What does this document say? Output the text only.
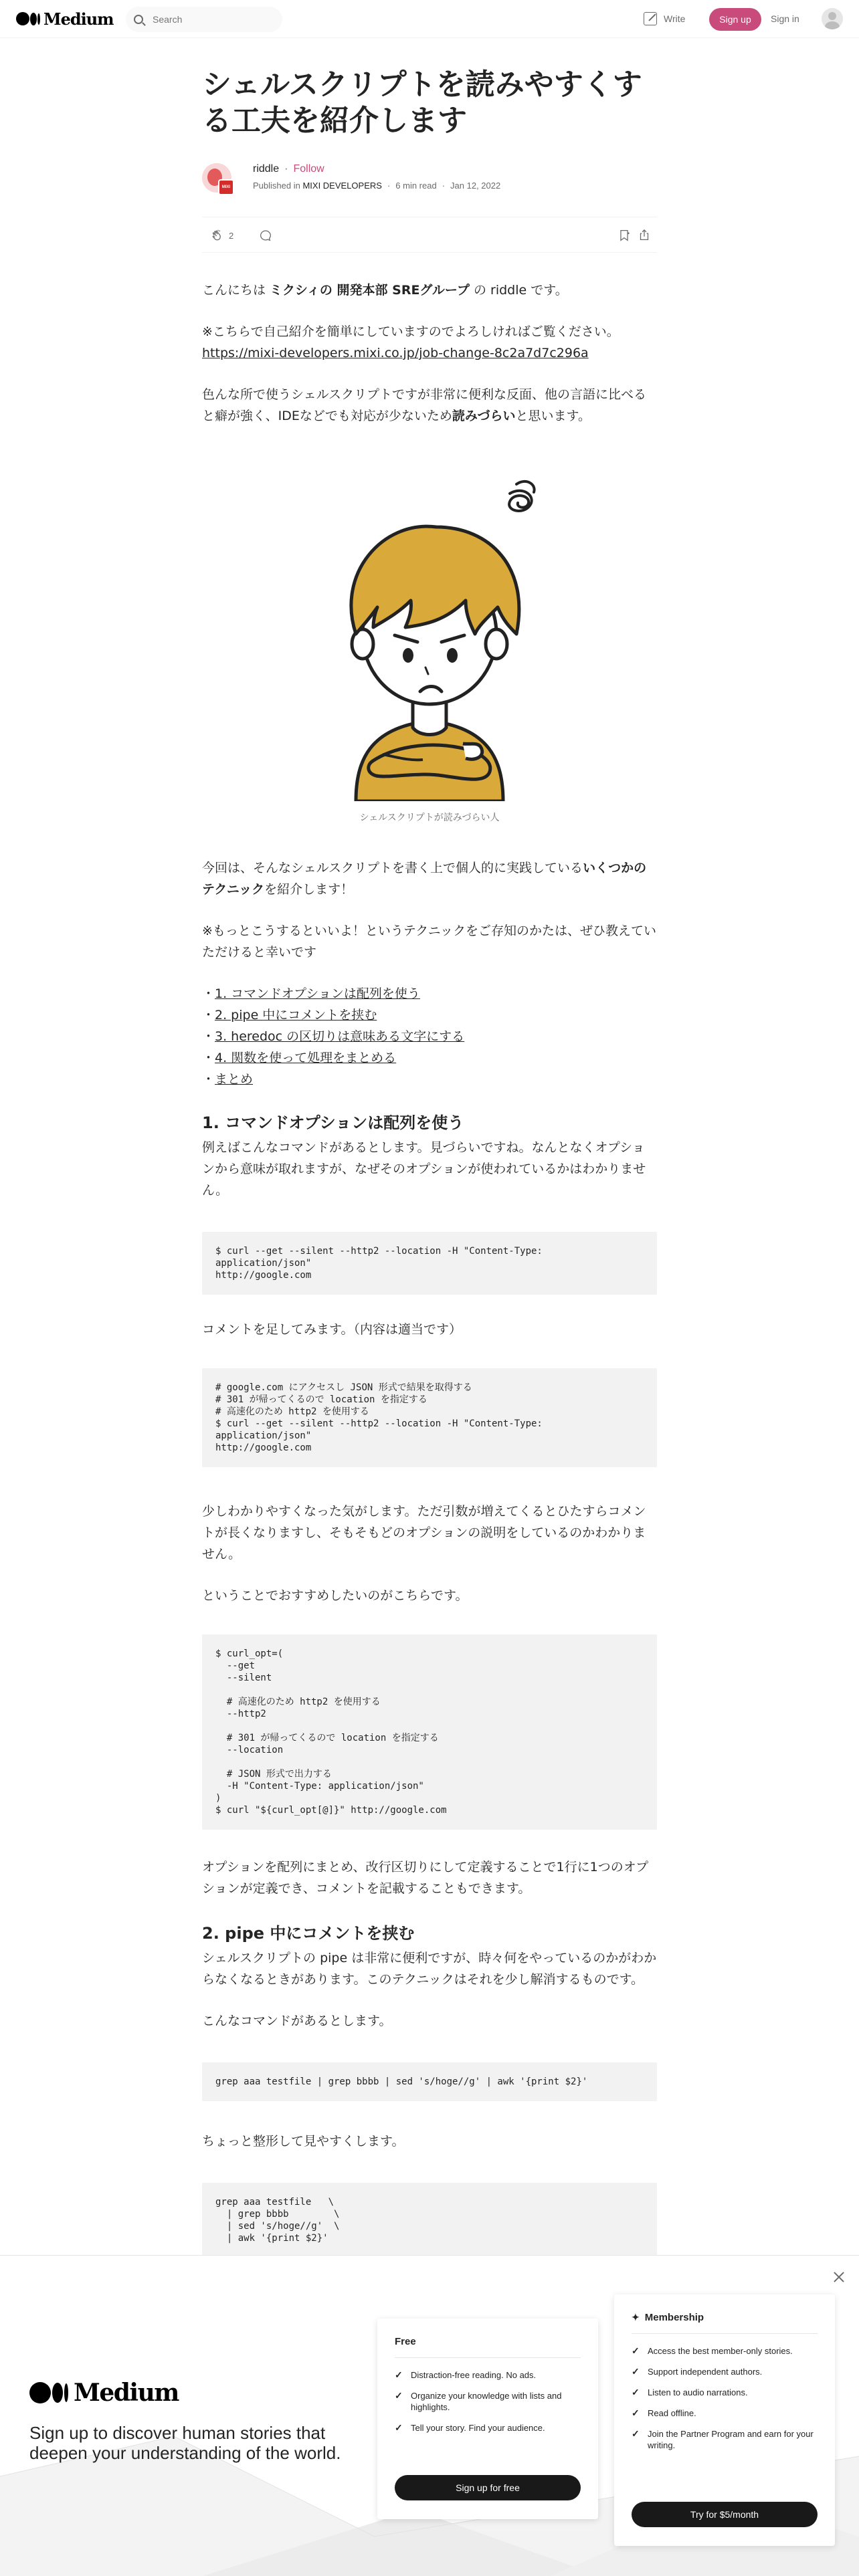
Medium
Search	Write	Sign up	Sign in
シェルスクリプトを読みやすくする工夫を紹介します
MIXI
riddle · Follow
Published in MIXI DEVELOPERS · 6 min read · Jan 12, 2022
2

こんにちは ミクシィの 開発本部 SREグループ の riddle です。

※こちらで自己紹介を簡単にしていますのでよろしければご覧ください。
https://mixi-developers.mixi.co.jp/job-change-8c2a7d7c296a

色んな所で使うシェルスクリプトですが非常に便利な反面、他の言語に比べると癖が強く、IDEなどでも対応が少ないため読みづらいと思います。

シェルスクリプトが読みづらい人

今回は、そんなシェルスクリプトを書く上で個人的に実践しているいくつかのテクニックを紹介します！

※もっとこうするといいよ！というテクニックをご存知のかたは、ぜひ教えていただけると幸いです

・1. コマンドオプションは配列を使う
・2. pipe 中にコメントを挟む
・3. heredoc の区切りは意味ある文字にする
・4. 関数を使って処理をまとめる
・まとめ
1. コマンドオプションは配列を使う

例えばこんなコマンドがあるとします。見づらいですね。なんとなくオプションから意味が取れますが、なぜそのオプションが使われているかはわかりません。

$ curl --get --silent --http2 --location -H "Content-Type: application/json"
http://google.com

コメントを足してみます。（内容は適当です）

# google.com にアクセスし JSON 形式で結果を取得する
# 301 が帰ってくるので location を指定する
# 高速化のため http2 を使用する
$ curl --get --silent --http2 --location -H "Content-Type: application/json"
http://google.com

少しわかりやすくなった気がします。ただ引数が増えてくるとひたすらコメントが長くなりますし、そもそもどのオプションの説明をしているのかわかりません。

ということでおすすめしたいのがこちらです。

$ curl_opt=(
--get
--silent

# 高速化のため http2 を使用する
--http2

# 301 が帰ってくるので location を指定する
--location

# JSON 形式で出力する
-H "Content-Type: application/json"
)
$ curl "${curl_opt[@]}" http://google.com

オプションを配列にまとめ、改行区切りにして定義することで1行に1つのオプションが定義でき、コメントを記載することもできます。

2. pipe 中にコメントを挟む

シェルスクリプトの pipe は非常に便利ですが、時々何をやっているのかがわからなくなるときがあります。このテクニックはそれを少し解消するものです。

こんなコマンドがあるとします。

grep aaa testfile | grep bbbb | sed 's/hoge//g' | awk '{print $2}'

ちょっと整形して見やすくします。

grep aaa testfile   \
| grep bbbb        \
| sed 's/hoge//g'  \
| awk '{print $2}'
Medium
Sign up to discover human stories that deepen your understanding of the world.
Free
✓ Distraction-free reading. No ads.
✓ Organize your knowledge with lists and highlights.
✓ Tell your story. Find your audience.
Sign up for free
✦ Membership
✓ Access the best member-only stories.
✓ Support independent authors.
✓ Listen to audio narrations.
✓ Read offline.
✓ Join the Partner Program and earn for your writing.
Try for $5/month
